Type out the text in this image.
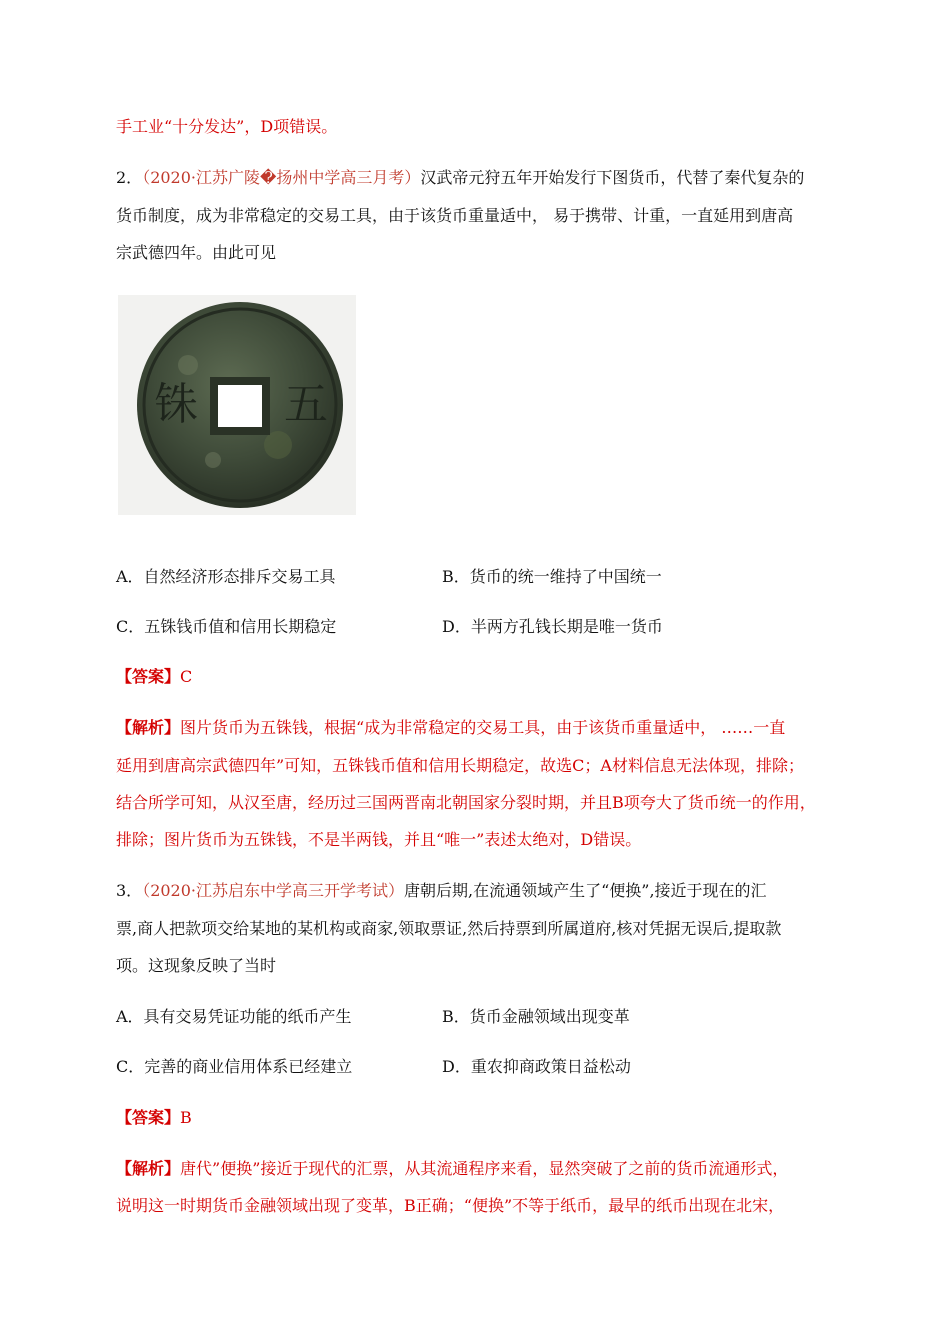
手工业“十分发达”，D项错误。
2．（2020·江苏广陵�扬州中学高三月考）汉武帝元狩五年开始发行下图货币，代替了秦代复杂的
货币制度，成为非常稳定的交易工具，由于该货币重量适中， 易于携带、计重，一直延用到唐高
宗武德四年。由此可见
五
铢
A．自然经济形态排斥交易工具	B．货币的统一维持了中国统一
C．五铢钱币值和信用长期稳定	D．半两方孔钱长期是唯一货币
【答案】C
【解析】图片货币为五铢钱，根据“成为非常稳定的交易工具，由于该货币重量适中， ……一直
延用到唐高宗武德四年”可知，五铢钱币值和信用长期稳定，故选C；A材料信息无法体现，排除；
结合所学可知，从汉至唐，经历过三国两晋南北朝国家分裂时期，并且B项夸大了货币统一的作用，
排除；图片货币为五铢钱，不是半两钱，并且“唯一”表述太绝对，D错误。
3．（2020·江苏启东中学高三开学考试）唐朝后期,在流通领域产生了“便换”,接近于现在的汇
票,商人把款项交给某地的某机构或商家,领取票证,然后持票到所属道府,核对凭据无误后,提取款
项。这现象反映了当时
A．具有交易凭证功能的纸币产生	B．货币金融领域出现变革
C．完善的商业信用体系已经建立	D．重农抑商政策日益松动
【答案】B
【解析】唐代”便换”接近于现代的汇票，从其流通程序来看，显然突破了之前的货币流通形式，
说明这一时期货币金融领域出现了变革，B正确；“便换”不等于纸币，最早的纸币出现在北宋，
